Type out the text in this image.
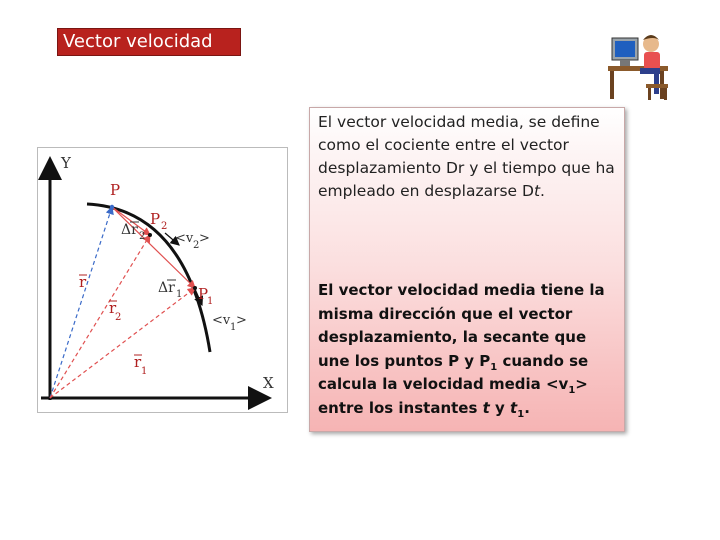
Vector velocidad
Y
X
P
P 2
P
1
r
r
2
r
1
Δr 2
Δr 1
<v 2 >
<v 1 >
El vector velocidad media, se define como el cociente entre el vector desplazamiento Dr y el tiempo que ha empleado en desplazarse Dt.
El vector velocidad media tiene la misma dirección que el vector desplazamiento, la secante que une los puntos P y $P_1$ cuando se calcula la velocidad media $<v_1>$ entre los instantes t y $t_1$.
